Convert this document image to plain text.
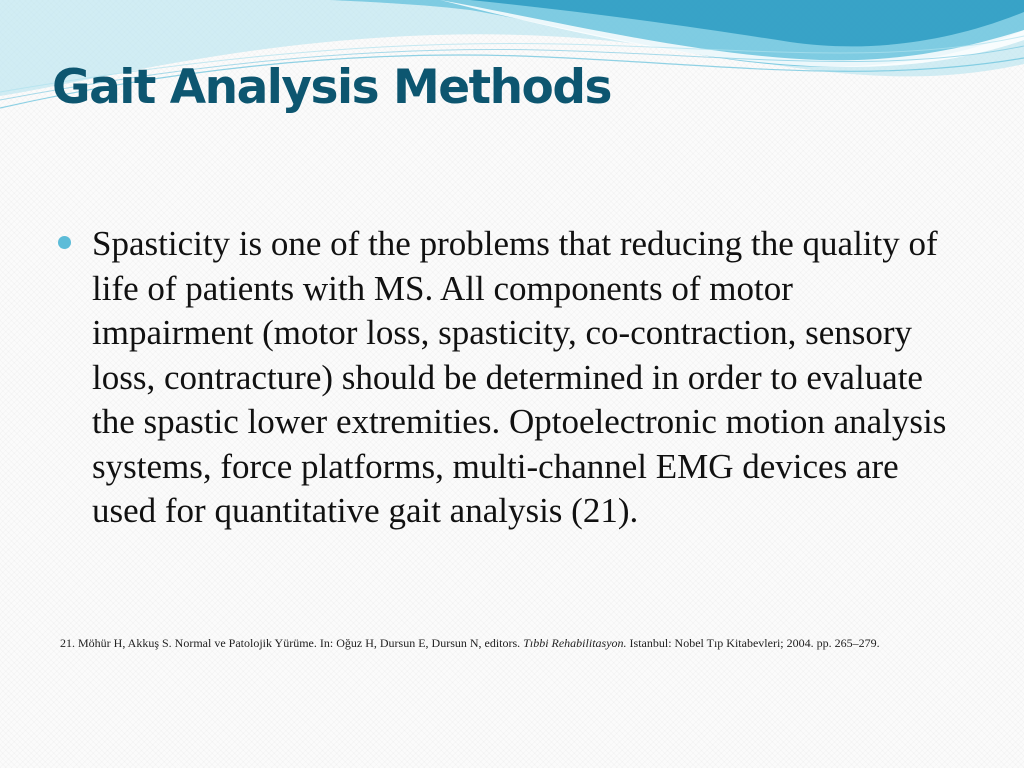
Gait Analysis Methods

Spasticity is one of the problems that reducing the quality of life of patients with MS. All components of motor impairment (motor loss, spasticity, co-contraction, sensory loss, contracture) should be determined in order to evaluate the spastic lower extremities. Optoelectronic motion analysis systems, force platforms, multi-channel EMG devices are used for quantitative gait analysis (21).

21. Möhür H, Akkuş S. Normal ve Patolojik Yürüme. In: Oğuz H, Dursun E, Dursun N, editors. Tıbbi Rehabilitasyon. Istanbul: Nobel Tıp Kitabevleri; 2004. pp. 265–279.
